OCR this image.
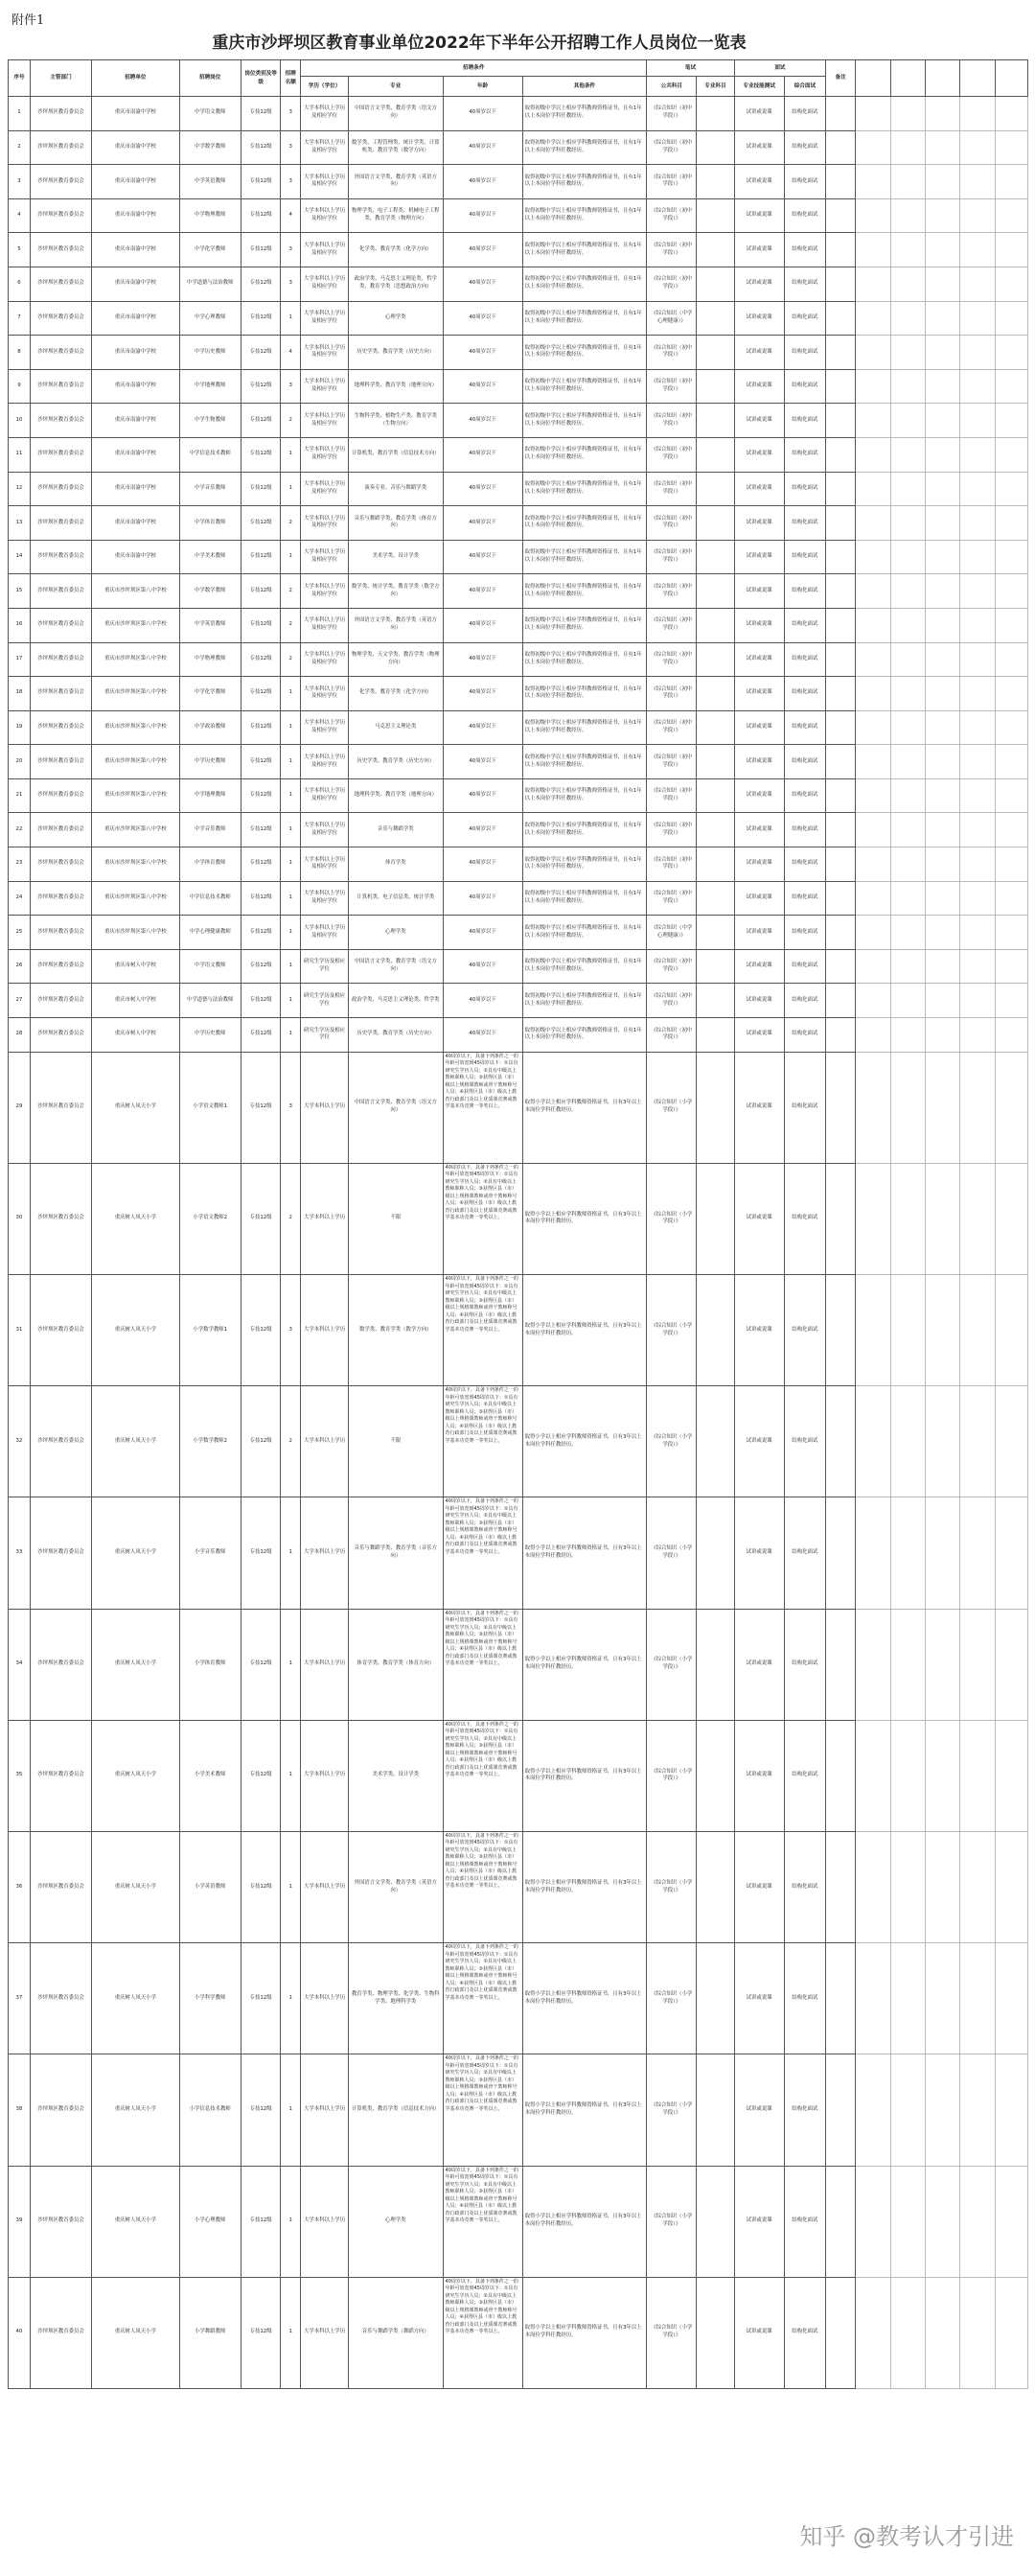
附件1
重庆市沙坪坝区教育事业单位2022年下半年公开招聘工作人员岗位一览表
序号	主管部门	招聘单位	招聘岗位	岗位类别及等级	招聘名额	招聘条件				笔试		面试		备注					
						学历（学位）	专业	年龄	其他条件	公共科目	专业科目	专业技能测试	综合面试						
1	沙坪坝区教育委员会	重庆市南渝中学校	中学语文教师	专技12级	3	大学本科以上学历及相应学位	中国语言文学类、教育学类（语文方向）	40周岁以下	取得初级中学以上相应学科教师资格证书，且有1年以上本岗位学科任教经历。	《综合知识（初中学段）》		试讲或说课	结构化面试						
2	沙坪坝区教育委员会	重庆市南渝中学校	中学数学教师	专技12级	3	大学本科以上学历及相应学位	数学类、工程管理类、统计学类、计算机类、教育学类（数学方向）	40周岁以下	取得初级中学以上相应学科教师资格证书，且有1年以上本岗位学科任教经历。	《综合知识（初中学段）》		试讲或说课	结构化面试						
3	沙坪坝区教育委员会	重庆市南渝中学校	中学英语教师	专技12级	3	大学本科以上学历及相应学位	外国语言文学类、教育学类（英语方向）	40周岁以下	取得初级中学以上相应学科教师资格证书，且有1年以上本岗位学科任教经历。	《综合知识（初中学段）》		试讲或说课	结构化面试						
4	沙坪坝区教育委员会	重庆市南渝中学校	中学物理教师	专技12级	4	大学本科以上学历及相应学位	物理学类、电子工程类、机械电子工程类、教育学类（物理方向）	40周岁以下	取得初级中学以上相应学科教师资格证书，且有1年以上本岗位学科任教经历。	《综合知识（初中学段）》		试讲或说课	结构化面试						
5	沙坪坝区教育委员会	重庆市南渝中学校	中学化学教师	专技12级	3	大学本科以上学历及相应学位	化学类、教育学类（化学方向）	40周岁以下	取得初级中学以上相应学科教师资格证书，且有1年以上本岗位学科任教经历。	《综合知识（初中学段）》		试讲或说课	结构化面试						
6	沙坪坝区教育委员会	重庆市南渝中学校	中学道德与法治教师	专技12级	3	大学本科以上学历及相应学位	政治学类、马克思主义理论类、哲学类、教育学类（思想政治方向）	40周岁以下	取得初级中学以上相应学科教师资格证书，且有1年以上本岗位学科任教经历。	《综合知识（初中学段）》		试讲或说课	结构化面试						
7	沙坪坝区教育委员会	重庆市南渝中学校	中学心理教师	专技12级	1	大学本科以上学历及相应学位	心理学类	40周岁以下	取得初级中学以上相应学科教师资格证书，且有1年以上本岗位学科任教经历。	《综合知识（中学心理健康）》		试讲或说课	结构化面试						
8	沙坪坝区教育委员会	重庆市南渝中学校	中学历史教师	专技12级	4	大学本科以上学历及相应学位	历史学类、教育学类（历史方向）	40周岁以下	取得初级中学以上相应学科教师资格证书，且有1年以上本岗位学科任教经历。	《综合知识（初中学段）》		试讲或说课	结构化面试						
9	沙坪坝区教育委员会	重庆市南渝中学校	中学地理教师	专技12级	3	大学本科以上学历及相应学位	地理科学类、教育学类（地理方向）	40周岁以下	取得初级中学以上相应学科教师资格证书，且有1年以上本岗位学科任教经历。	《综合知识（初中学段）》		试讲或说课	结构化面试						
10	沙坪坝区教育委员会	重庆市南渝中学校	中学生物教师	专技12级	2	大学本科以上学历及相应学位	生物科学类、植物生产类、教育学类（生物方向）	40周岁以下	取得初级中学以上相应学科教师资格证书，且有1年以上本岗位学科任教经历。	《综合知识（初中学段）》		试讲或说课	结构化面试						
11	沙坪坝区教育委员会	重庆市南渝中学校	中学信息技术教师	专技12级	1	大学本科以上学历及相应学位	计算机类、教育学类（信息技术方向）	40周岁以下	取得初级中学以上相应学科教师资格证书，且有1年以上本岗位学科任教经历。	《综合知识（初中学段）》		试讲或说课	结构化面试						
12	沙坪坝区教育委员会	重庆市南渝中学校	中学音乐教师	专技12级	1	大学本科以上学历及相应学位	演奏专业、音乐与舞蹈学类	40周岁以下	取得初级中学以上相应学科教师资格证书，且有1年以上本岗位学科任教经历。	《综合知识（初中学段）》		试讲或说课	结构化面试						
13	沙坪坝区教育委员会	重庆市南渝中学校	中学体育教师	专技12级	2	大学本科以上学历及相应学位	音乐与舞蹈学类、教育学类（体育方向）	40周岁以下	取得初级中学以上相应学科教师资格证书，且有1年以上本岗位学科任教经历。	《综合知识（初中学段）》		试讲或说课	结构化面试						
14	沙坪坝区教育委员会	重庆市南渝中学校	中学美术教师	专技12级	1	大学本科以上学历及相应学位	美术学类、设计学类	40周岁以下	取得初级中学以上相应学科教师资格证书，且有1年以上本岗位学科任教经历。	《综合知识（初中学段）》		试讲或说课	结构化面试						
15	沙坪坝区教育委员会	重庆市沙坪坝区第八中学校	中学数学教师	专技12级	2	大学本科以上学历及相应学位	数学类、统计学类、教育学类（数学方向）	40周岁以下	取得初级中学以上相应学科教师资格证书，且有1年以上本岗位学科任教经历。	《综合知识（初中学段）》		试讲或说课	结构化面试						
16	沙坪坝区教育委员会	重庆市沙坪坝区第八中学校	中学英语教师	专技12级	2	大学本科以上学历及相应学位	外国语言文学类、教育学类（英语方向）	40周岁以下	取得初级中学以上相应学科教师资格证书，且有1年以上本岗位学科任教经历。	《综合知识（初中学段）》		试讲或说课	结构化面试						
17	沙坪坝区教育委员会	重庆市沙坪坝区第八中学校	中学物理教师	专技12级	2	大学本科以上学历及相应学位	物理学类、天文学类、教育学类（物理方向）	40周岁以下	取得初级中学以上相应学科教师资格证书，且有1年以上本岗位学科任教经历。	《综合知识（初中学段）》		试讲或说课	结构化面试						
18	沙坪坝区教育委员会	重庆市沙坪坝区第八中学校	中学化学教师	专技12级	1	大学本科以上学历及相应学位	化学类、教育学类（化学方向）	40周岁以下	取得初级中学以上相应学科教师资格证书，且有1年以上本岗位学科任教经历。	《综合知识（初中学段）》		试讲或说课	结构化面试						
19	沙坪坝区教育委员会	重庆市沙坪坝区第八中学校	中学政治教师	专技12级	1	大学本科以上学历及相应学位	马克思主义理论类	40周岁以下	取得初级中学以上相应学科教师资格证书，且有1年以上本岗位学科任教经历。	《综合知识（初中学段）》		试讲或说课	结构化面试						
20	沙坪坝区教育委员会	重庆市沙坪坝区第八中学校	中学历史教师	专技12级	1	大学本科以上学历及相应学位	历史学类、教育学类（历史方向）	40周岁以下	取得初级中学以上相应学科教师资格证书，且有1年以上本岗位学科任教经历。	《综合知识（初中学段）》		试讲或说课	结构化面试						
21	沙坪坝区教育委员会	重庆市沙坪坝区第八中学校	中学地理教师	专技12级	1	大学本科以上学历及相应学位	地理科学类、教育学类（地理方向）	40周岁以下	取得初级中学以上相应学科教师资格证书，且有1年以上本岗位学科任教经历。	《综合知识（初中学段）》		试讲或说课	结构化面试						
22	沙坪坝区教育委员会	重庆市沙坪坝区第八中学校	中学音乐教师	专技12级	1	大学本科以上学历及相应学位	音乐与舞蹈学类	40周岁以下	取得初级中学以上相应学科教师资格证书，且有1年以上本岗位学科任教经历。	《综合知识（初中学段）》		试讲或说课	结构化面试						
23	沙坪坝区教育委员会	重庆市沙坪坝区第八中学校	中学体育教师	专技12级	1	大学本科以上学历及相应学位	体育学类	40周岁以下	取得初级中学以上相应学科教师资格证书，且有1年以上本岗位学科任教经历。	《综合知识（初中学段）》		试讲或说课	结构化面试						
24	沙坪坝区教育委员会	重庆市沙坪坝区第八中学校	中学信息技术教师	专技12级	1	大学本科以上学历及相应学位	计算机类、电子信息类、统计学类	40周岁以下	取得初级中学以上相应学科教师资格证书，且有1年以上本岗位学科任教经历。	《综合知识（初中学段）》		试讲或说课	结构化面试						
25	沙坪坝区教育委员会	重庆市沙坪坝区第八中学校	中学心理健康教师	专技12级	1	大学本科以上学历及相应学位	心理学类	40周岁以下	取得初级中学以上相应学科教师资格证书，且有1年以上本岗位学科任教经历。	《综合知识（中学心理健康）》		试讲或说课	结构化面试						
26	沙坪坝区教育委员会	重庆市树人中学校	中学语文教师	专技12级	1	研究生学历及相应学位	中国语言文学类、教育学类（语文方向）	40周岁以下	取得初级中学以上相应学科教师资格证书，且有1年以上本岗位学科任教经历。	《综合知识（初中学段）》		试讲或说课	结构化面试						
27	沙坪坝区教育委员会	重庆市树人中学校	中学道德与法治教师	专技12级	1	研究生学历及相应学位	政治学类、马克思主义理论类、哲学类	40周岁以下	取得初级中学以上相应学科教师资格证书，且有1年以上本岗位学科任教经历。	《综合知识（初中学段）》		试讲或说课	结构化面试						
28	沙坪坝区教育委员会	重庆市树人中学校	中学历史教师	专技12级	1	研究生学历及相应学位	历史学类、教育学类（历史方向）	40周岁以下	取得初级中学以上相应学科教师资格证书，且有1年以上本岗位学科任教经历。	《综合知识（初中学段）》		试讲或说课	结构化面试						
29	沙坪坝区教育委员会	重庆树人凤天小学	小学语文教师1	专技12级	3	大学本科以上学历	中国语言文学类、教育学类（语文方向）	40周岁以下，具备下列条件之一的年龄可放宽到45周岁以下：①具有研究生学历人员；②具有中级以上教师职称人员；③获得区县（市）级以上规格课教师或骨干教师称号人员；④获得区县（市）级以上教育行政部门及以上优质课竞赛或教学基本功竞赛一等奖以上。	取得小学以上相应学科教师资格证书，且有3年以上本岗位学科任教经历。	《综合知识（小学学段）》		试讲或说课	结构化面试						
30	沙坪坝区教育委员会	重庆树人凤天小学	小学语文教师2	专技12级	2	大学本科以上学历	不限	40周岁以下，具备下列条件之一的年龄可放宽到45周岁以下：①具有研究生学历人员；②具有中级以上教师职称人员；③获得区县（市）级以上规格课教师或骨干教师称号人员；④获得区县（市）级以上教育行政部门及以上优质课竞赛或教学基本功竞赛一等奖以上。	取得小学以上相应学科教师资格证书，且有3年以上本岗位学科任教经历。	《综合知识（小学学段）》		试讲或说课	结构化面试						
31	沙坪坝区教育委员会	重庆树人凤天小学	小学数学教师1	专技12级	3	大学本科以上学历	数学类、教育学类（数学方向）	40周岁以下，具备下列条件之一的年龄可放宽到45周岁以下：①具有研究生学历人员；②具有中级以上教师职称人员；③获得区县（市）级以上规格课教师或骨干教师称号人员；④获得区县（市）级以上教育行政部门及以上优质课竞赛或教学基本功竞赛一等奖以上。	取得小学以上相应学科教师资格证书，且有3年以上本岗位学科任教经历。	《综合知识（小学学段）》		试讲或说课	结构化面试						
32	沙坪坝区教育委员会	重庆树人凤天小学	小学数学教师2	专技12级	2	大学本科以上学历	不限	40周岁以下，具备下列条件之一的年龄可放宽到45周岁以下：①具有研究生学历人员；②具有中级以上教师职称人员；③获得区县（市）级以上规格课教师或骨干教师称号人员；④获得区县（市）级以上教育行政部门及以上优质课竞赛或教学基本功竞赛一等奖以上。	取得小学以上相应学科教师资格证书，且有3年以上本岗位学科任教经历。	《综合知识（小学学段）》		试讲或说课	结构化面试						
33	沙坪坝区教育委员会	重庆树人凤天小学	小学音乐教师	专技12级	1	大学本科以上学历	音乐与舞蹈学类、教育学类（音乐方向）	40周岁以下，具备下列条件之一的年龄可放宽到45周岁以下：①具有研究生学历人员；②具有中级以上教师职称人员；③获得区县（市）级以上规格课教师或骨干教师称号人员；④获得区县（市）级以上教育行政部门及以上优质课竞赛或教学基本功竞赛一等奖以上。	取得小学以上相应学科教师资格证书，且有3年以上本岗位学科任教经历。	《综合知识（小学学段）》		试讲或说课	结构化面试						
34	沙坪坝区教育委员会	重庆树人凤天小学	小学体育教师	专技12级	1	大学本科以上学历	体育学类、教育学类（体育方向）	40周岁以下，具备下列条件之一的年龄可放宽到45周岁以下：①具有研究生学历人员；②具有中级以上教师职称人员；③获得区县（市）级以上规格课教师或骨干教师称号人员；④获得区县（市）级以上教育行政部门及以上优质课竞赛或教学基本功竞赛一等奖以上。	取得小学以上相应学科教师资格证书，且有3年以上本岗位学科任教经历。	《综合知识（小学学段）》		试讲或说课	结构化面试						
35	沙坪坝区教育委员会	重庆树人凤天小学	小学美术教师	专技12级	1	大学本科以上学历	美术学类、设计学类	40周岁以下，具备下列条件之一的年龄可放宽到45周岁以下：①具有研究生学历人员；②具有中级以上教师职称人员；③获得区县（市）级以上规格课教师或骨干教师称号人员；④获得区县（市）级以上教育行政部门及以上优质课竞赛或教学基本功竞赛一等奖以上。	取得小学以上相应学科教师资格证书，且有3年以上本岗位学科任教经历。	《综合知识（小学学段）》		试讲或说课	结构化面试						
36	沙坪坝区教育委员会	重庆树人凤天小学	小学英语教师	专技12级	1	大学本科以上学历	外国语言文学类、教育学类（英语方向）	40周岁以下，具备下列条件之一的年龄可放宽到45周岁以下：①具有研究生学历人员；②具有中级以上教师职称人员；③获得区县（市）级以上规格课教师或骨干教师称号人员；④获得区县（市）级以上教育行政部门及以上优质课竞赛或教学基本功竞赛一等奖以上。	取得小学以上相应学科教师资格证书，且有3年以上本岗位学科任教经历。	《综合知识（小学学段）》		试讲或说课	结构化面试						
37	沙坪坝区教育委员会	重庆树人凤天小学	小学科学教师	专技12级	1	大学本科以上学历	教育学类、物理学类、化学类、生物科学类、地理科学类	40周岁以下，具备下列条件之一的年龄可放宽到45周岁以下：①具有研究生学历人员；②具有中级以上教师职称人员；③获得区县（市）级以上规格课教师或骨干教师称号人员；④获得区县（市）级以上教育行政部门及以上优质课竞赛或教学基本功竞赛一等奖以上。	取得小学以上相应学科教师资格证书，且有3年以上本岗位学科任教经历。	《综合知识（小学学段）》		试讲或说课	结构化面试						
38	沙坪坝区教育委员会	重庆树人凤天小学	小学信息技术教师	专技12级	1	大学本科以上学历	计算机类、教育学类（信息技术方向）	40周岁以下，具备下列条件之一的年龄可放宽到45周岁以下：①具有研究生学历人员；②具有中级以上教师职称人员；③获得区县（市）级以上规格课教师或骨干教师称号人员；④获得区县（市）级以上教育行政部门及以上优质课竞赛或教学基本功竞赛一等奖以上。	取得小学以上相应学科教师资格证书，且有3年以上本岗位学科任教经历。	《综合知识（小学学段）》		试讲或说课	结构化面试						
39	沙坪坝区教育委员会	重庆树人凤天小学	小学心理教师	专技12级	1	大学本科以上学历	心理学类	40周岁以下，具备下列条件之一的年龄可放宽到45周岁以下：①具有研究生学历人员；②具有中级以上教师职称人员；③获得区县（市）级以上规格课教师或骨干教师称号人员；④获得区县（市）级以上教育行政部门及以上优质课竞赛或教学基本功竞赛一等奖以上。	取得小学以上相应学科教师资格证书，且有3年以上本岗位学科任教经历。	《综合知识（小学学段）》		试讲或说课	结构化面试						
40	沙坪坝区教育委员会	重庆树人凤天小学	小学舞蹈教师	专技12级	1	大学本科以上学历	音乐与舞蹈学类（舞蹈方向）	40周岁以下，具备下列条件之一的年龄可放宽到45周岁以下：①具有研究生学历人员；②具有中级以上教师职称人员；③获得区县（市）级以上规格课教师或骨干教师称号人员；④获得区县（市）级以上教育行政部门及以上优质课竞赛或教学基本功竞赛一等奖以上。	取得小学以上相应学科教师资格证书，且有3年以上本岗位学科任教经历。	《综合知识（小学学段）》		试讲或说课	结构化面试						
知乎 @教考认才引进
